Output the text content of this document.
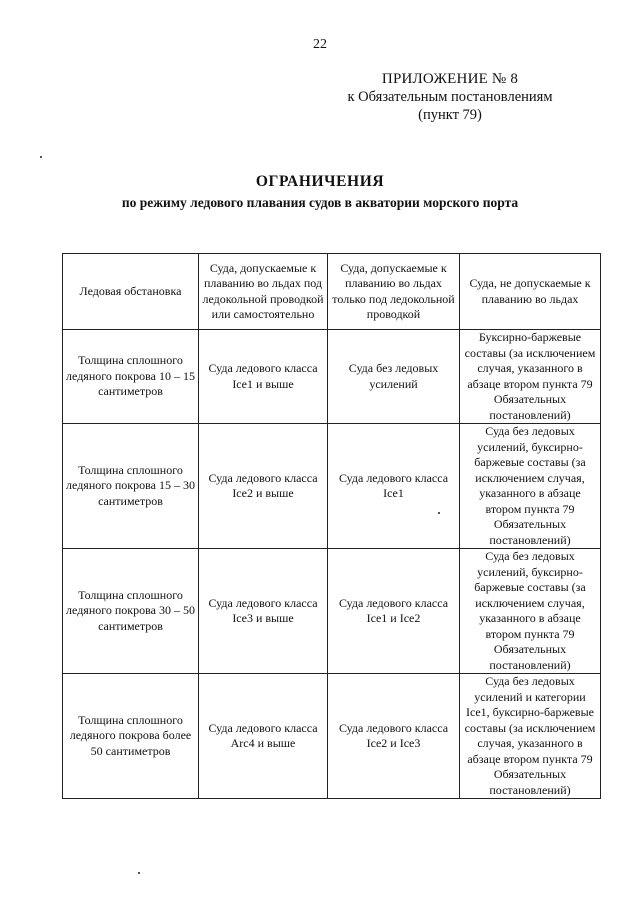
22
ПРИЛОЖЕНИЕ № 8
к Обязательным постановлениям
(пункт 79)
ОГРАНИЧЕНИЯ
по режиму ледового плавания судов в акватории морского порта
Ледовая обстановка	Суда, допускаемые к плаванию во льдах под ледокольной проводкой или самостоятельно	Суда, допускаемые к плаванию во льдах только под ледокольной проводкой	Суда, не допускаемые к плаванию во льдах
Толщина сплошного ледяного покрова 10 – 15 сантиметров	Суда ледового класса Ice1 и выше	Суда без ледовых усилений	Буксирно-баржевые составы (за исключением случая, указанного в абзаце втором пункта 79 Обязательных постановлений)
Толщина сплошного ледяного покрова 15 – 30 сантиметров	Суда ледового класса Ice2 и выше	Суда ледового класса Ice1	Суда без ледовых усилений, буксирно-баржевые составы (за исключением случая, указанного в абзаце втором пункта 79 Обязательных постановлений)
Толщина сплошного ледяного покрова 30 – 50 сантиметров	Суда ледового класса Ice3 и выше	Суда ледового класса Ice1 и Ice2	Суда без ледовых усилений, буксирно-баржевые составы (за исключением случая, указанного в абзаце втором пункта 79 Обязательных постановлений)
Толщина сплошного ледяного покрова более 50 сантиметров	Суда ледового класса Arc4 и выше	Суда ледового класса Ice2 и Ice3	Суда без ледовых усилений и категории Ice1, буксирно-баржевые составы (за исключением случая, указанного в абзаце втором пункта 79 Обязательных постановлений)
